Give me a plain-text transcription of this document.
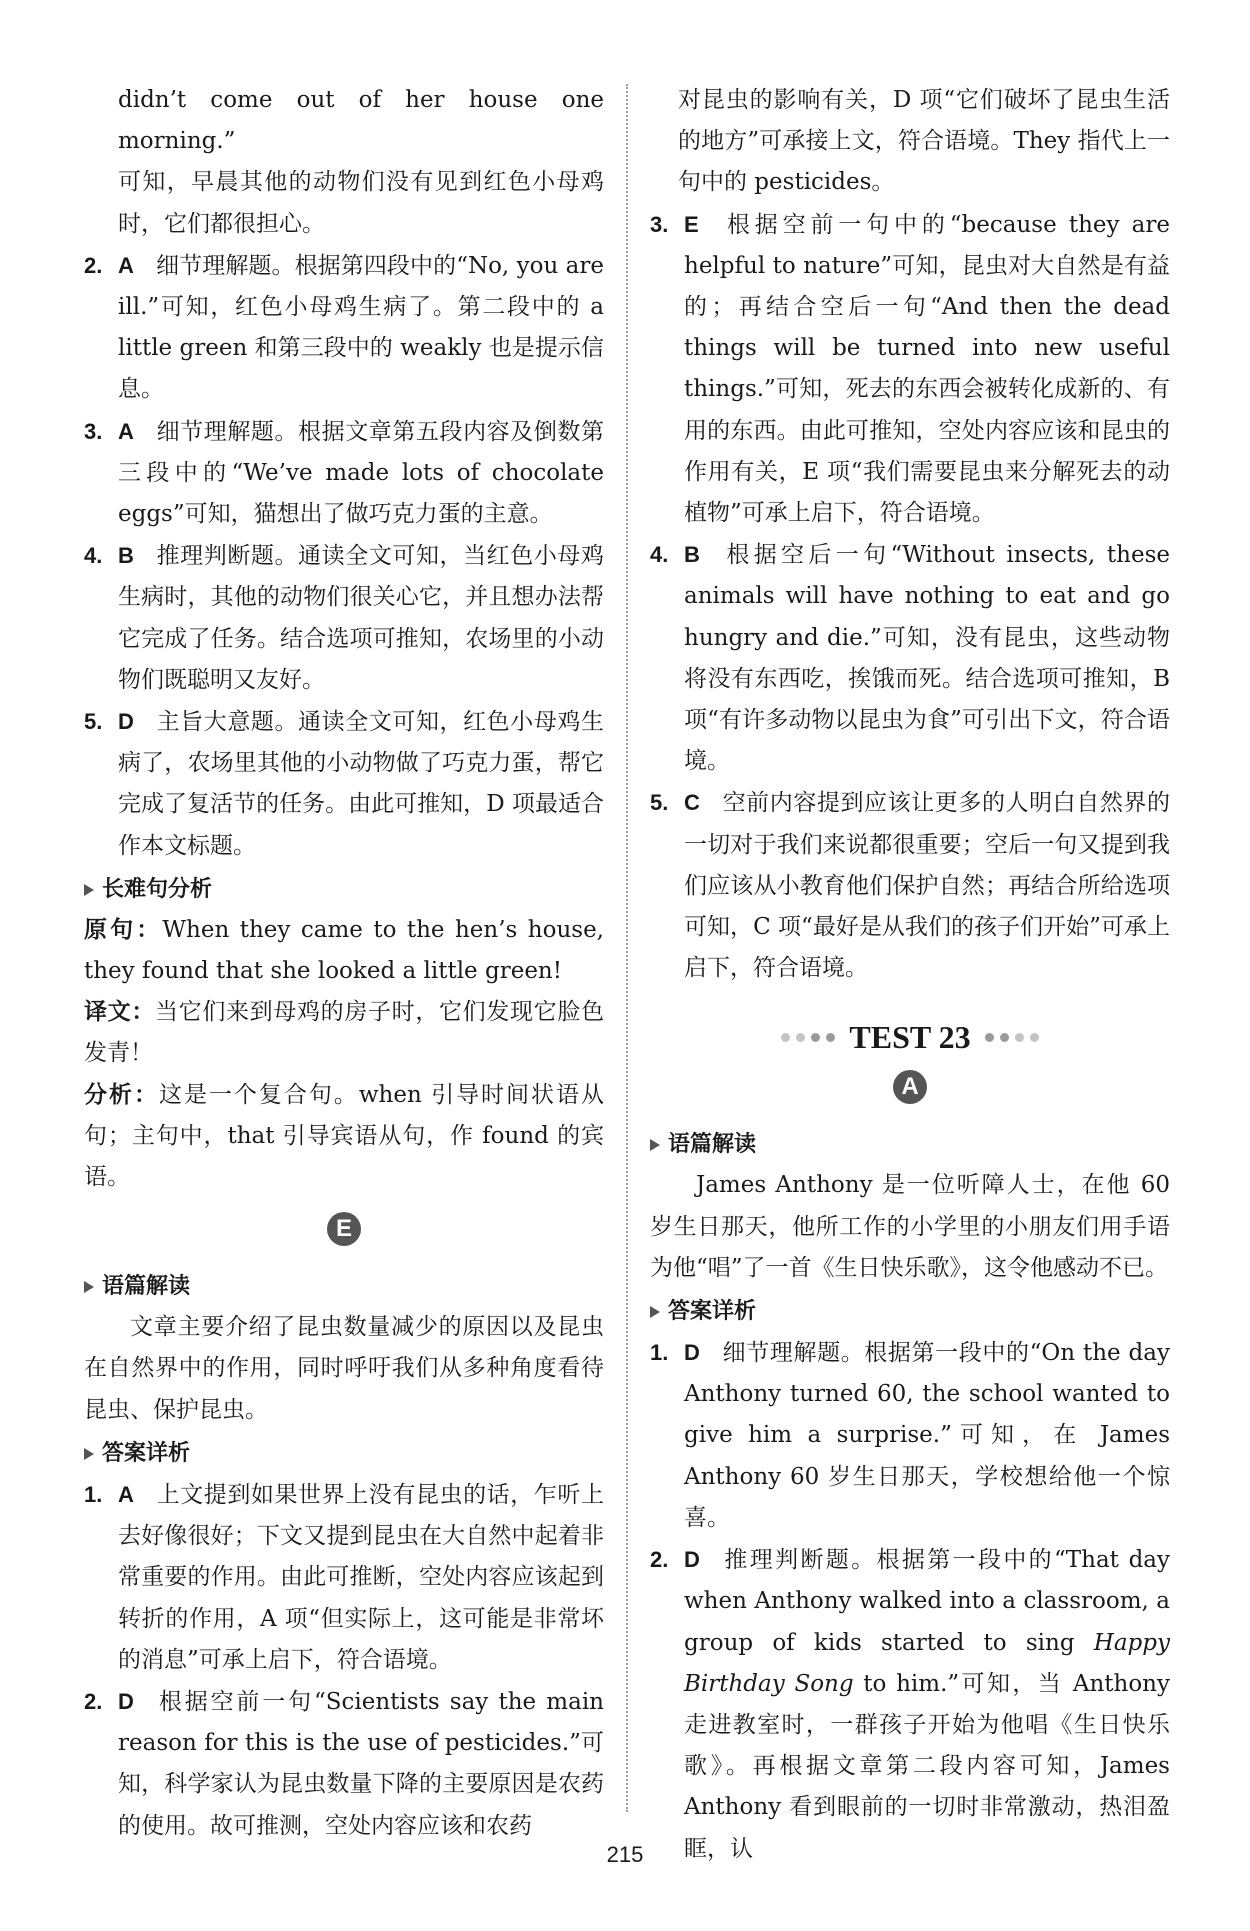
didn’t come out of her house one morning.”
可知，早晨其他的动物们没有见到红色小母鸡时，它们都很担心。

2. A 细节理解题。根据第四段中的“No, you are ill.”可知，红色小母鸡生病了。第二段中的 a little green 和第三段中的 weakly 也是提示信息。
3. A 细节理解题。根据文章第五段内容及倒数第三段中的“We’ve made lots of chocolate eggs”可知，猫想出了做巧克力蛋的主意。
4. B 推理判断题。通读全文可知，当红色小母鸡生病时，其他的动物们很关心它，并且想办法帮它完成了任务。结合选项可推知，农场里的小动物们既聪明又友好。
5. D 主旨大意题。通读全文可知，红色小母鸡生病了，农场里其他的小动物做了巧克力蛋，帮它完成了复活节的任务。由此可推知，D 项最适合作本文标题。
长难句分析

原句：When they came to the hen’s house, they found that she looked a little green!

译文：当它们来到母鸡的房子时，它们发现它脸色发青！

分析：这是一个复合句。when 引导时间状语从句；主句中，that 引导宾语从句，作 found 的宾语。

E
语篇解读

文章主要介绍了昆虫数量减少的原因以及昆虫在自然界中的作用，同时呼吁我们从多种角度看待昆虫、保护昆虫。

答案详析
1. A 上文提到如果世界上没有昆虫的话，乍听上去好像很好；下文又提到昆虫在大自然中起着非常重要的作用。由此可推断，空处内容应该起到转折的作用，A 项“但实际上，这可能是非常坏的消息”可承上启下，符合语境。
2. D 根据空前一句“Scientists say the main reason for this is the use of pesticides.”可知，科学家认为昆虫数量下降的主要原因是农药的使用。故可推测，空处内容应该和农药

对昆虫的影响有关，D 项“它们破坏了昆虫生活的地方”可承接上文，符合语境。They 指代上一句中的 pesticides。

3. E 根据空前一句中的“because they are helpful to nature”可知，昆虫对大自然是有益的；再结合空后一句“And then the dead things will be turned into new useful things.”可知，死去的东西会被转化成新的、有用的东西。由此可推知，空处内容应该和昆虫的作用有关，E 项“我们需要昆虫来分解死去的动植物”可承上启下，符合语境。
4. B 根据空后一句“Without insects, these animals will have nothing to eat and go hungry and die.”可知，没有昆虫，这些动物将没有东西吃，挨饿而死。结合选项可推知，B 项“有许多动物以昆虫为食”可引出下文，符合语境。
5. C 空前内容提到应该让更多的人明白自然界的一切对于我们来说都很重要；空后一句又提到我们应该从小教育他们保护自然；再结合所给选项可知，C 项“最好是从我们的孩子们开始”可承上启下，符合语境。
TEST 23
A
语篇解读

James Anthony 是一位听障人士，在他 60 岁生日那天，他所工作的小学里的小朋友们用手语为他“唱”了一首《生日快乐歌》，这令他感动不已。

答案详析
1. D 细节理解题。根据第一段中的“On the day Anthony turned 60, the school wanted to give him a surprise.”可知，在 James Anthony 60 岁生日那天，学校想给他一个惊喜。
2. D 推理判断题。根据第一段中的“That day when Anthony walked into a classroom, a group of kids started to sing Happy Birthday Song to him.”可知，当 Anthony 走进教室时，一群孩子开始为他唱《生日快乐歌》。再根据文章第二段内容可知，James Anthony 看到眼前的一切时非常激动，热泪盈眶，认
215
